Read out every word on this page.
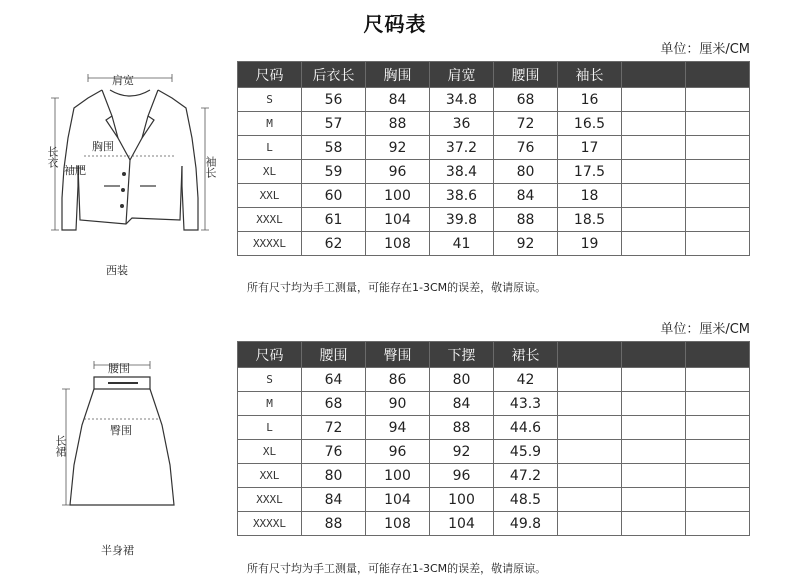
尺码表
单位：厘米/CM
肩宽
长衣	胸围
袖肥	袖长
西装
尺码	后衣长	胸围	肩宽	腰围	袖长		
S	56	84	34.8	68	16		
M	57	88	36	72	16.5		
L	58	92	37.2	76	17		
XL	59	96	38.4	80	17.5		
XXL	60	100	38.6	84	18		
XXXL	61	104	39.8	88	18.5		
XXXXL	62	108	41	92	19		
所有尺寸均为手工测量，可能存在1-3CM的误差，敬请原谅。
单位：厘米/CM
腰围
臀围
长裙
半身裙
尺码	腰围	臀围	下摆	裙长			
S	64	86	80	42			
M	68	90	84	43.3			
L	72	94	88	44.6			
XL	76	96	92	45.9			
XXL	80	100	96	47.2			
XXXL	84	104	100	48.5			
XXXXL	88	108	104	49.8			
所有尺寸均为手工测量，可能存在1-3CM的误差，敬请原谅。
